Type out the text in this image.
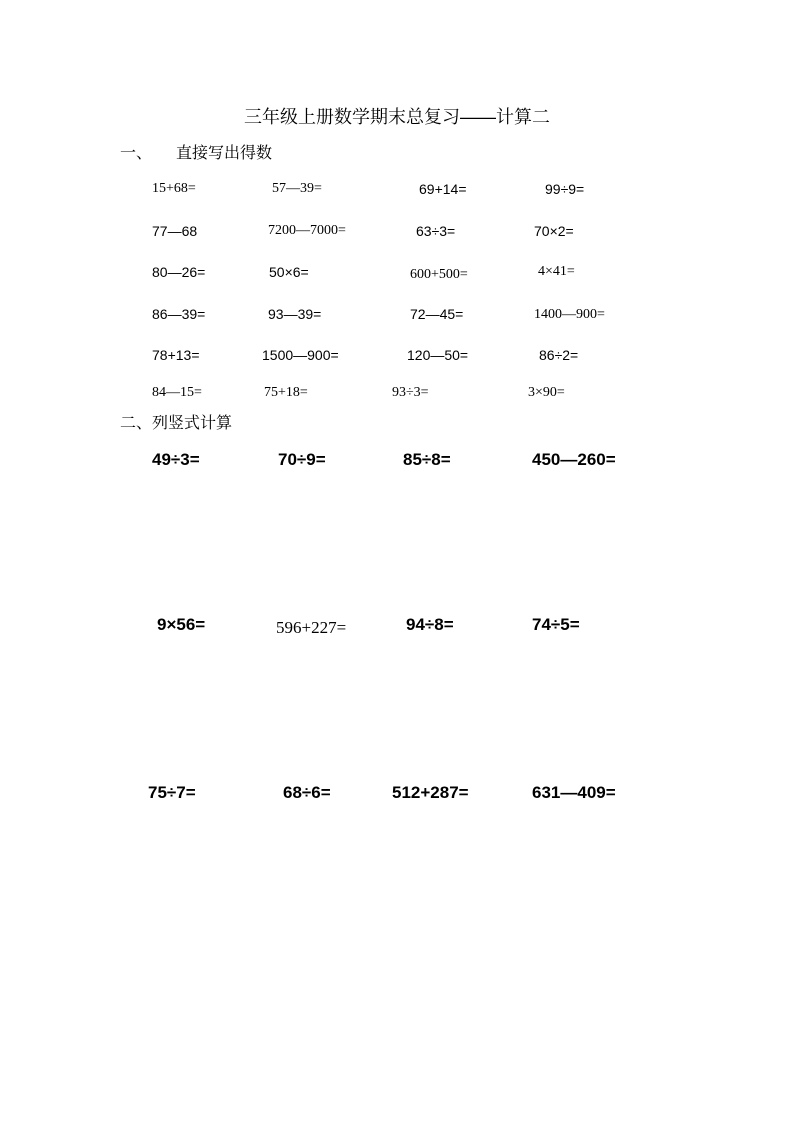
三年级上册数学期末总复习——计算二
一、 直接写出得数
15+68=	57—39=	69+14=	99÷9=
77—68	7200—7000=	63÷3=	70×2=
80—26=	50×6=	600+500=	4×41=
86—39=	93—39=	72—45=	1400—900=
78+13=	1500—900=	120—50=	86÷2=
84—15=	75+18=	93÷3=	3×90=
二、列竖式计算
49÷3=	70÷9=	85÷8=	450—260=
9×56=	596+227=	94÷8=	74÷5=
75÷7=	68÷6=	512+287=	631—409=
